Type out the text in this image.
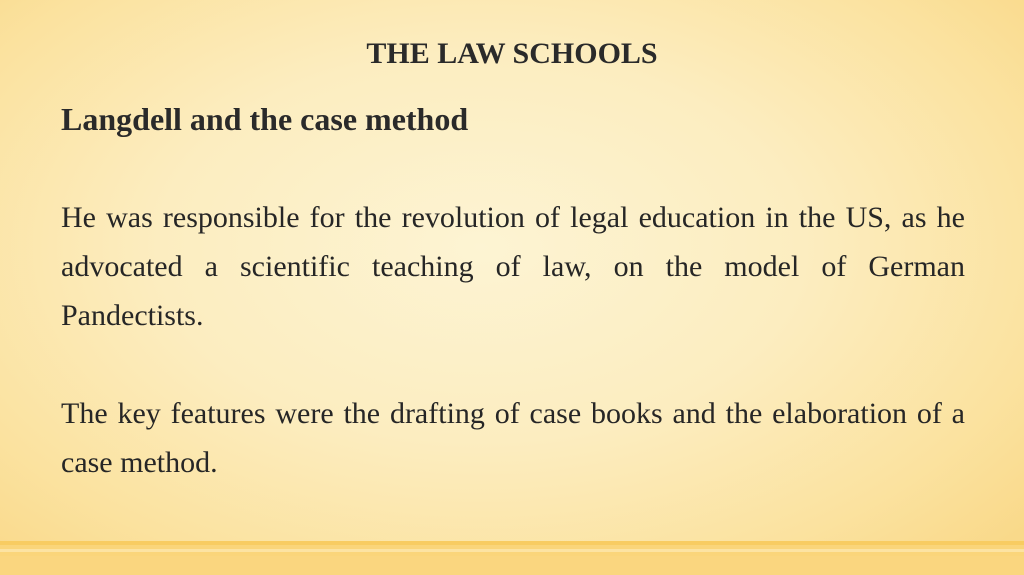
THE LAW SCHOOLS
Langdell and the case method
He was responsible for the revolution of legal education in the US, as he advocated a scientific teaching of law, on the model of German Pandectists.
The key features were the drafting of case books and the elaboration of a case method.
